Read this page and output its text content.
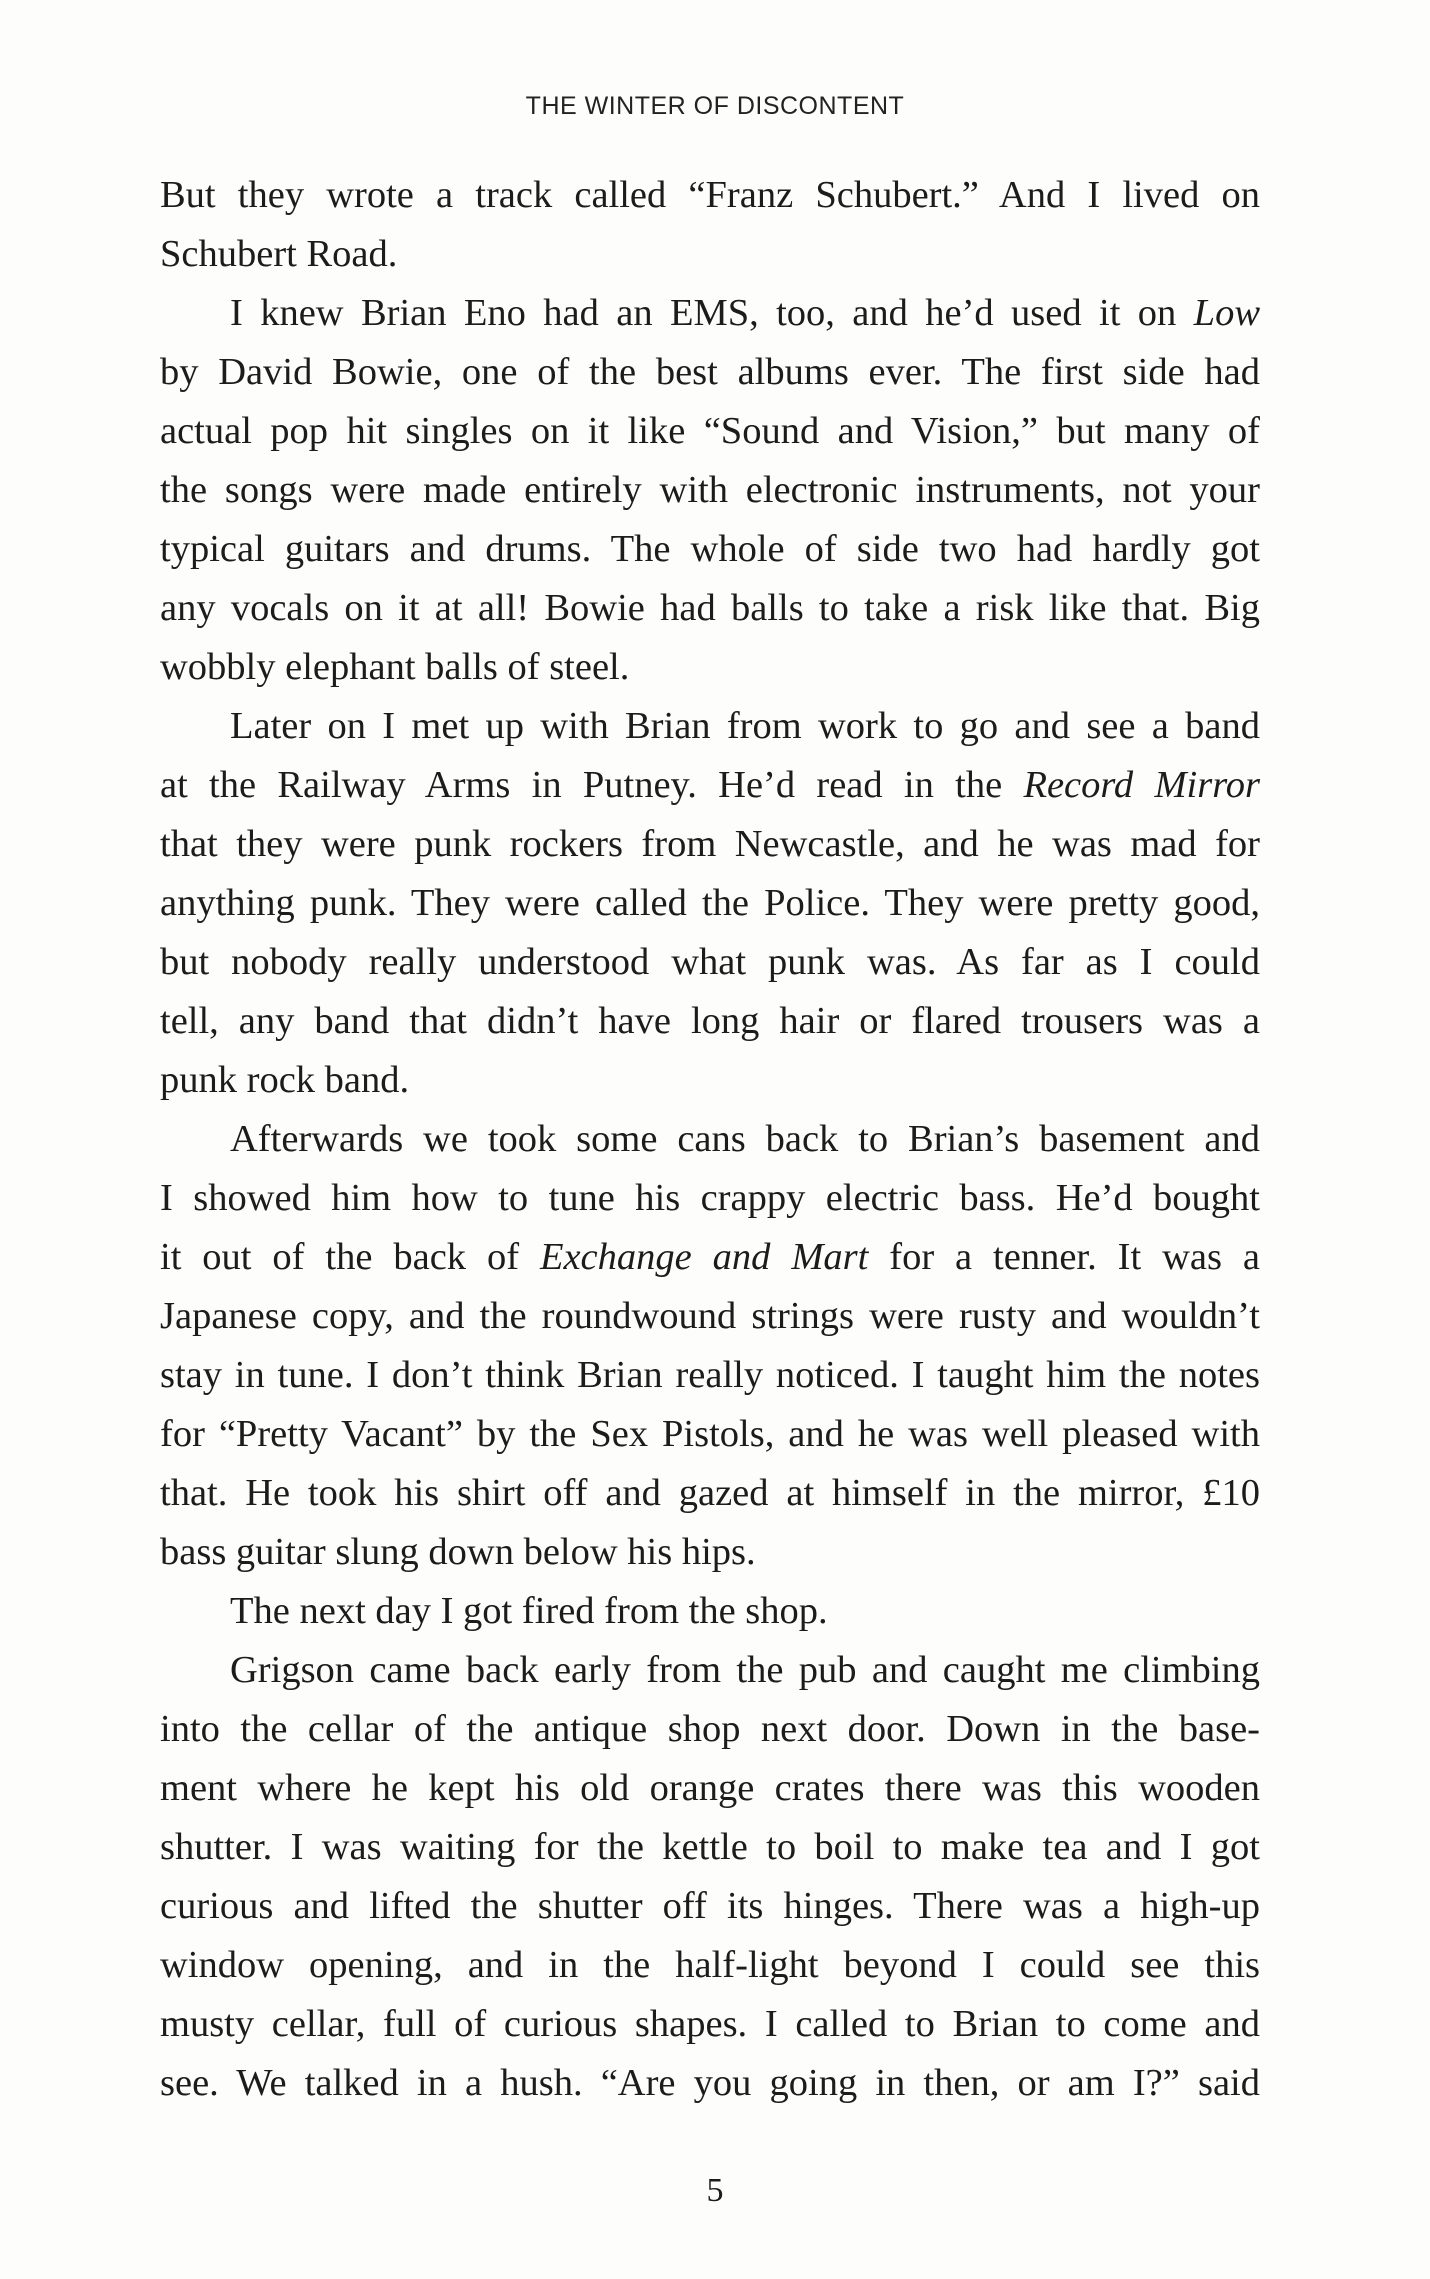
THE WINTER OF DISCONTENT
But they wrote a track called “Franz Schubert.” And I lived on
Schubert Road.
I knew Brian Eno had an EMS, too, and he’d used it on Low
by David Bowie, one of the best albums ever. The first side had
actual pop hit singles on it like “Sound and Vision,” but many of
the songs were made entirely with electronic instruments, not your
typical guitars and drums. The whole of side two had hardly got
any vocals on it at all! Bowie had balls to take a risk like that. Big
wobbly elephant balls of steel.
Later on I met up with Brian from work to go and see a band
at the Railway Arms in Putney. He’d read in the Record Mirror
that they were punk rockers from Newcastle, and he was mad for
anything punk. They were called the Police. They were pretty good,
but nobody really understood what punk was. As far as I could
tell, any band that didn’t have long hair or flared trousers was a
punk rock band.
Afterwards we took some cans back to Brian’s basement and
I showed him how to tune his crappy electric bass. He’d bought
it out of the back of Exchange and Mart for a tenner. It was a
Japanese copy, and the roundwound strings were rusty and wouldn’t
stay in tune. I don’t think Brian really noticed. I taught him the notes
for “Pretty Vacant” by the Sex Pistols, and he was well pleased with
that. He took his shirt off and gazed at himself in the mirror, £10
bass guitar slung down below his hips.
The next day I got fired from the shop.
Grigson came back early from the pub and caught me climbing
into the cellar of the antique shop next door. Down in the base-
ment where he kept his old orange crates there was this wooden
shutter. I was waiting for the kettle to boil to make tea and I got
curious and lifted the shutter off its hinges. There was a high-up
window opening, and in the half-light beyond I could see this
musty cellar, full of curious shapes. I called to Brian to come and
see. We talked in a hush. “Are you going in then, or am I?” said
5
